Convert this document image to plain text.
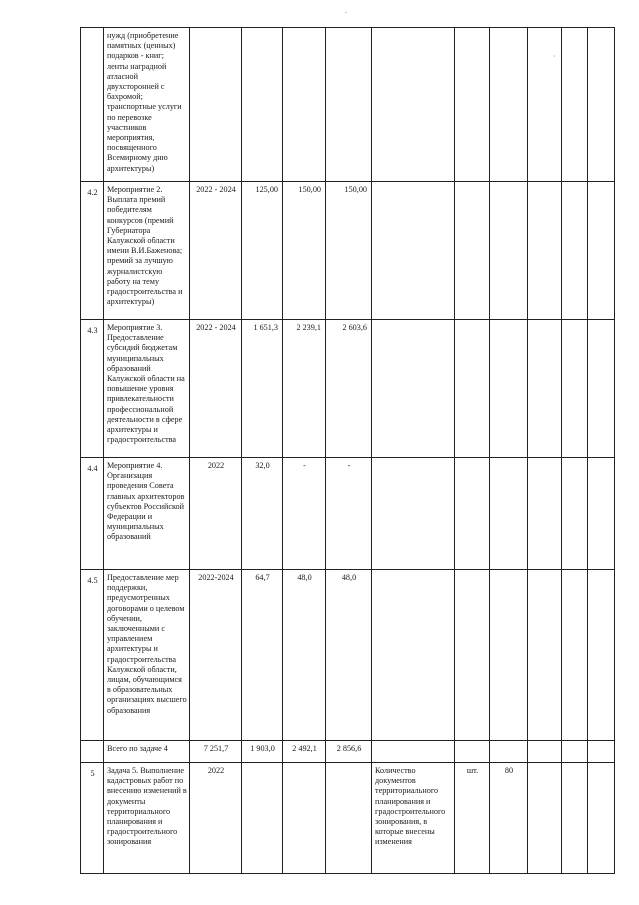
.
·
	нужд (приобретение памятных (ценных) подарков - книг; ленты наградной атласной двухсторонней с бахромой; транспортные услуги по перевозке участников мероприятия, посвященного Всемирному дню архитектуры)										
4.2	Мероприятие 2. Выплата премий победителям конкурсов (премий Губернатора Калужской области имени В.И.Баженова; премий за лучшую журналистскую работу на тему градостроительства и архитектуры)	2022 - 2024	125,00	150,00	150,00						
4.3	Мероприятие 3. Предоставление субсидий бюджетам муниципальных образований Калужской области на повышение уровня привлекательности профессиональной деятельности в сфере архитектуры и градостроительства	2022 - 2024	1 651,3	2 239,1	2 603,6						
4.4	Мероприятие 4. Организация проведения Совета главных архитекторов субъектов Российской Федерации и муниципальных образований	2022	32,0	-	-						
4.5	Предоставление мер поддержки, предусмотренных договорами о целевом обучении, заключенными с управлением архитектуры и градостроительства Калужской области, лицам, обучающимся в образовательных организациях высшего образования	2022-2024	64,7	48,0	48,0						
	Всего по задаче 4	7 251,7	1 903,0	2 492,1	2 856,6						
5	Задача 5. Выполнение кадастровых работ по внесению изменений в документы территориального планирования и градостроительного зонирования	2022				Количество документов территориального планирования и градостроительного зонирования, в которые внесены изменения	шт.	80			
